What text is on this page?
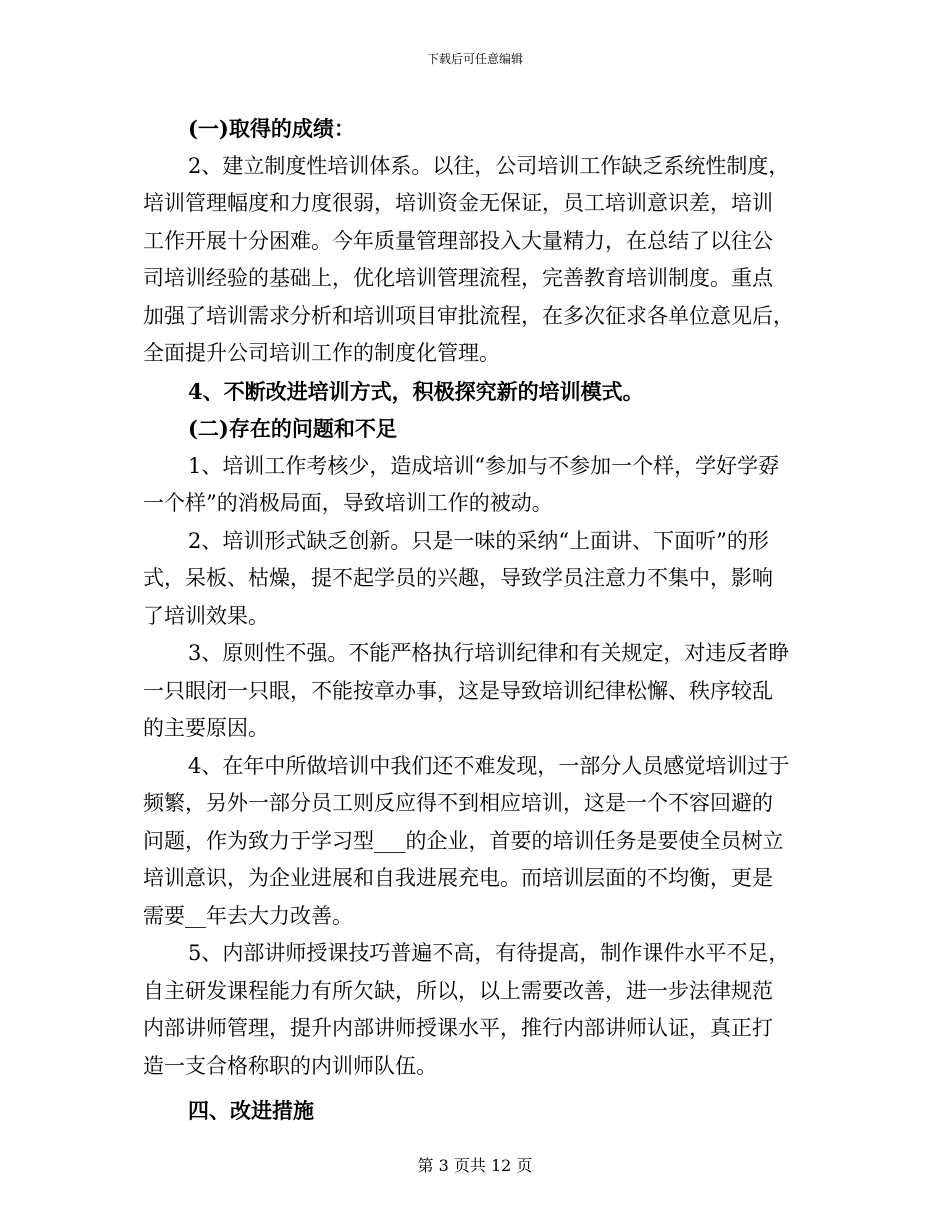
下载后可任意编辑
(一)取得的成绩：
2、建立制度性培训体系。以往，公司培训工作缺乏系统性制度，
培训管理幅度和力度很弱，培训资金无保证，员工培训意识差，培训
工作开展十分困难。今年质量管理部投入大量精力，在总结了以往公
司培训经验的基础上，优化培训管理流程，完善教育培训制度。重点
加强了培训需求分析和培训项目审批流程，在多次征求各单位意见后，
全面提升公司培训工作的制度化管理。
4、不断改进培训方式，积极探究新的培训模式。
(二)存在的问题和不足
1、培训工作考核少，造成培训“参加与不参加一个样，学好学孬
一个样”的消极局面，导致培训工作的被动。
2、培训形式缺乏创新。只是一味的采纳“上面讲、下面听”的形
式，呆板、枯燥，提不起学员的兴趣，导致学员注意力不集中，影响
了培训效果。
3、原则性不强。不能严格执行培训纪律和有关规定，对违反者睁
一只眼闭一只眼，不能按章办事，这是导致培训纪律松懈、秩序较乱
的主要原因。
4、在年中所做培训中我们还不难发现，一部分人员感觉培训过于
频繁，另外一部分员工则反应得不到相应培训，这是一个不容回避的
问题，作为致力于学习型___的企业，首要的培训任务是要使全员树立
培训意识，为企业进展和自我进展充电。而培训层面的不均衡，更是
需要__年去大力改善。
5、内部讲师授课技巧普遍不高，有待提高，制作课件水平不足，
自主研发课程能力有所欠缺，所以，以上需要改善，进一步法律规范
内部讲师管理，提升内部讲师授课水平，推行内部讲师认证，真正打
造一支合格称职的内训师队伍。
四、改进措施
第 3 页共 12 页
